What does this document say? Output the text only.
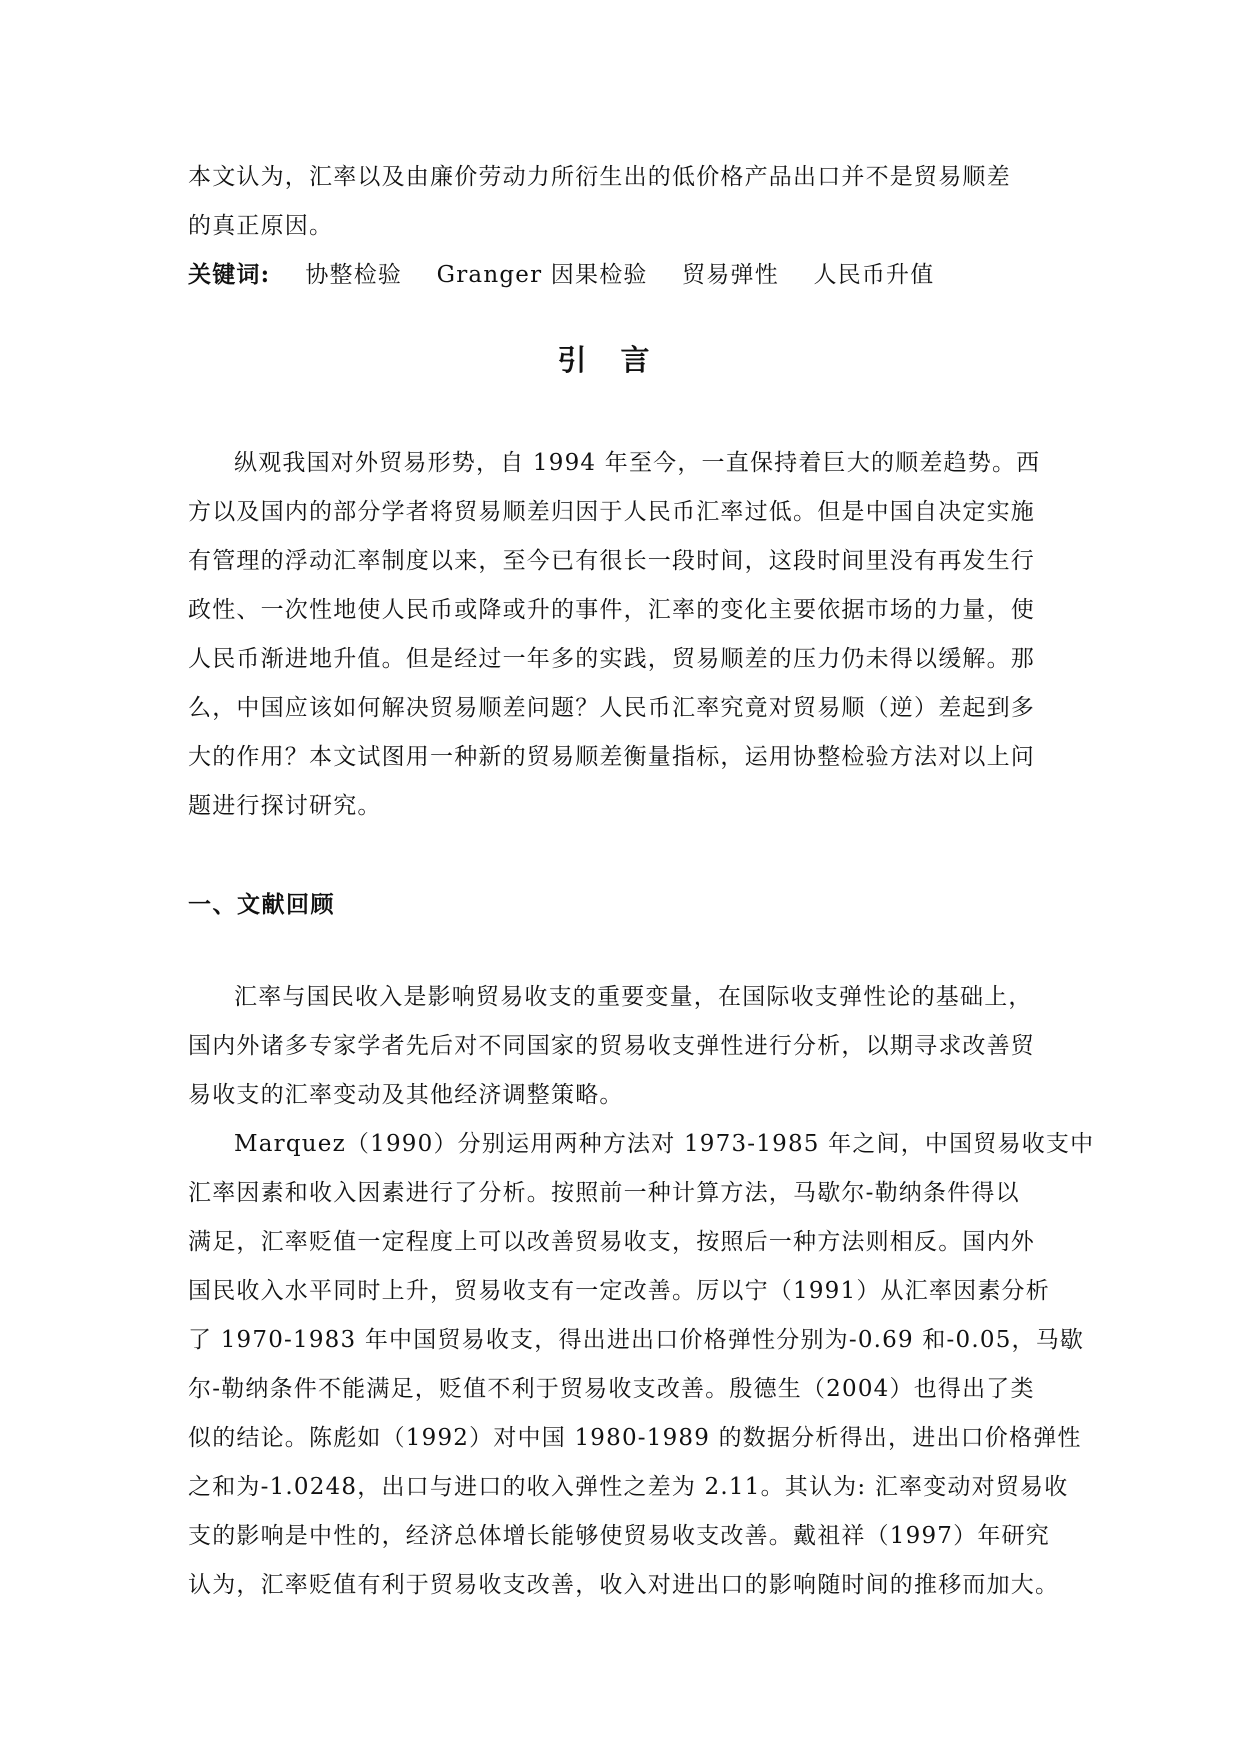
本文认为，汇率以及由廉价劳动力所衍生出的低价格产品出口并不是贸易顺差
的真正原因。
关键词: 协整检验 Granger 因果检验 贸易弹性 人民币升值
引言
纵观我国对外贸易形势，自 1994 年至今，一直保持着巨大的顺差趋势。西
方以及国内的部分学者将贸易顺差归因于人民币汇率过低。但是中国自决定实施
有管理的浮动汇率制度以来，至今已有很长一段时间，这段时间里没有再发生行
政性、一次性地使人民币或降或升的事件，汇率的变化主要依据市场的力量，使
人民币渐进地升值。但是经过一年多的实践，贸易顺差的压力仍未得以缓解。那
么，中国应该如何解决贸易顺差问题？人民币汇率究竟对贸易顺（逆）差起到多
大的作用？本文试图用一种新的贸易顺差衡量指标，运用协整检验方法对以上问
题进行探讨研究。
一、文献回顾
汇率与国民收入是影响贸易收支的重要变量，在国际收支弹性论的基础上，
国内外诸多专家学者先后对不同国家的贸易收支弹性进行分析，以期寻求改善贸
易收支的汇率变动及其他经济调整策略。
Marquez（1990）分别运用两种方法对 1973-1985 年之间，中国贸易收支中
汇率因素和收入因素进行了分析。按照前一种计算方法，马歇尔-勒纳条件得以
满足，汇率贬值一定程度上可以改善贸易收支，按照后一种方法则相反。国内外
国民收入水平同时上升，贸易收支有一定改善。厉以宁（1991）从汇率因素分析
了 1970-1983 年中国贸易收支，得出进出口价格弹性分别为-0.69 和-0.05，马歇
尔-勒纳条件不能满足，贬值不利于贸易收支改善。殷德生（2004）也得出了类
似的结论。陈彪如（1992）对中国 1980-1989 的数据分析得出，进出口价格弹性
之和为-1.0248，出口与进口的收入弹性之差为 2.11。其认为: 汇率变动对贸易收
支的影响是中性的，经济总体增长能够使贸易收支改善。戴祖祥（1997）年研究
认为，汇率贬值有利于贸易收支改善，收入对进出口的影响随时间的推移而加大。
